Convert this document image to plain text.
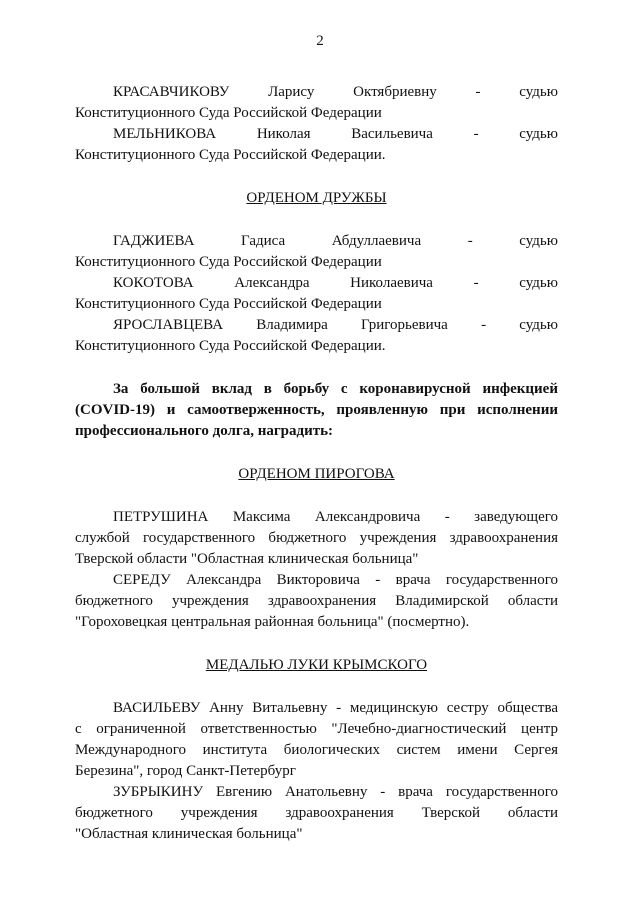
2
КРАСАВЧИКОВУ	Ларису	Октябриевну	-	судью
Конституционного Суда Российской Федерации
МЕЛЬНИКОВА	Николая	Васильевича	-	судью
Конституционного Суда Российской Федерации.
ОРДЕНОМ ДРУЖБЫ
ГАДЖИЕВА	Гадиса	Абдуллаевича	-	судью
Конституционного Суда Российской Федерации
КОКОТОВА	Александра	Николаевича	-	судью
Конституционного Суда Российской Федерации
ЯРОСЛАВЦЕВА Владимира Григорьевича - судью
Конституционного Суда Российской Федерации.
За большой вклад в борьбу с коронавирусной инфекцией
(COVID-19) и самоотверженность, проявленную при исполнении
профессионального долга, наградить:
ОРДЕНОМ ПИРОГОВА
ПЕТРУШИНА Максима Александровича - заведующего
службой государственного бюджетного учреждения здравоохранения
Тверской области "Областная клиническая больница"
СЕРЕДУ Александра Викторовича - врача государственного
бюджетного учреждения здравоохранения Владимирской области
"Гороховецкая центральная районная больница" (посмертно).
МЕДАЛЬЮ ЛУКИ КРЫМСКОГО
ВАСИЛЬЕВУ Анну Витальевну - медицинскую сестру общества
с ограниченной ответственностью "Лечебно-диагностический центр
Международного института биологических систем имени Сергея
Березина", город Санкт-Петербург
ЗУБРЫКИНУ Евгению Анатольевну - врача государственного
бюджетного учреждения здравоохранения Тверской области
"Областная клиническая больница"
